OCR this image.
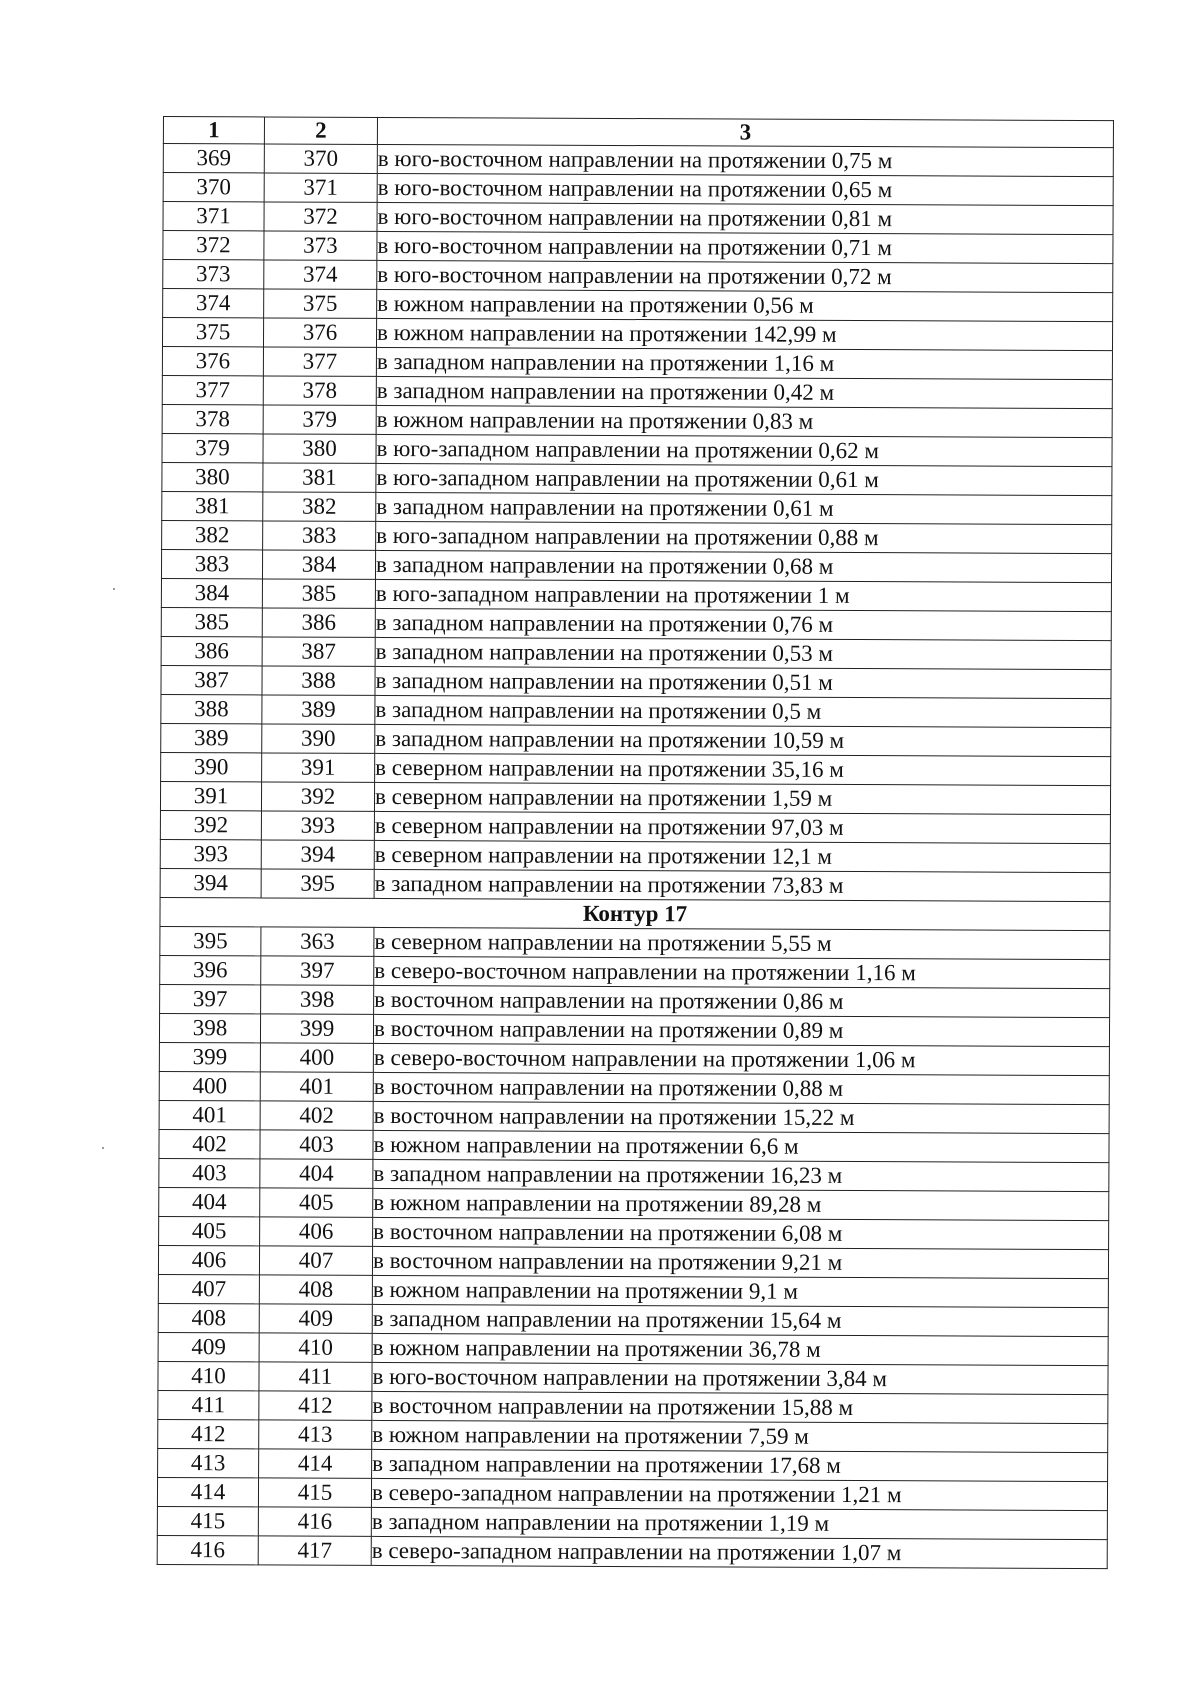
1	2	3
369	370	в юго-восточном направлении на протяжении 0,75 м
370	371	в юго-восточном направлении на протяжении 0,65 м
371	372	в юго-восточном направлении на протяжении 0,81 м
372	373	в юго-восточном направлении на протяжении 0,71 м
373	374	в юго-восточном направлении на протяжении 0,72 м
374	375	в южном направлении на протяжении 0,56 м
375	376	в южном направлении на протяжении 142,99 м
376	377	в западном направлении на протяжении 1,16 м
377	378	в западном направлении на протяжении 0,42 м
378	379	в южном направлении на протяжении 0,83 м
379	380	в юго-западном направлении на протяжении 0,62 м
380	381	в юго-западном направлении на протяжении 0,61 м
381	382	в западном направлении на протяжении 0,61 м
382	383	в юго-западном направлении на протяжении 0,88 м
383	384	в западном направлении на протяжении 0,68 м
384	385	в юго-западном направлении на протяжении 1 м
385	386	в западном направлении на протяжении 0,76 м
386	387	в западном направлении на протяжении 0,53 м
387	388	в западном направлении на протяжении 0,51 м
388	389	в западном направлении на протяжении 0,5 м
389	390	в западном направлении на протяжении 10,59 м
390	391	в северном направлении на протяжении 35,16 м
391	392	в северном направлении на протяжении 1,59 м
392	393	в северном направлении на протяжении 97,03 м
393	394	в северном направлении на протяжении 12,1 м
394	395	в западном направлении на протяжении 73,83 м
Контур 17		
395	363	в северном направлении на протяжении 5,55 м
396	397	в северо-восточном направлении на протяжении 1,16 м
397	398	в восточном направлении на протяжении 0,86 м
398	399	в восточном направлении на протяжении 0,89 м
399	400	в северо-восточном направлении на протяжении 1,06 м
400	401	в восточном направлении на протяжении 0,88 м
401	402	в восточном направлении на протяжении 15,22 м
402	403	в южном направлении на протяжении 6,6 м
403	404	в западном направлении на протяжении 16,23 м
404	405	в южном направлении на протяжении 89,28 м
405	406	в восточном направлении на протяжении 6,08 м
406	407	в восточном направлении на протяжении 9,21 м
407	408	в южном направлении на протяжении 9,1 м
408	409	в западном направлении на протяжении 15,64 м
409	410	в южном направлении на протяжении 36,78 м
410	411	в юго-восточном направлении на протяжении 3,84 м
411	412	в восточном направлении на протяжении 15,88 м
412	413	в южном направлении на протяжении 7,59 м
413	414	в западном направлении на протяжении 17,68 м
414	415	в северо-западном направлении на протяжении 1,21 м
415	416	в западном направлении на протяжении 1,19 м
416	417	в северо-западном направлении на протяжении 1,07 м
